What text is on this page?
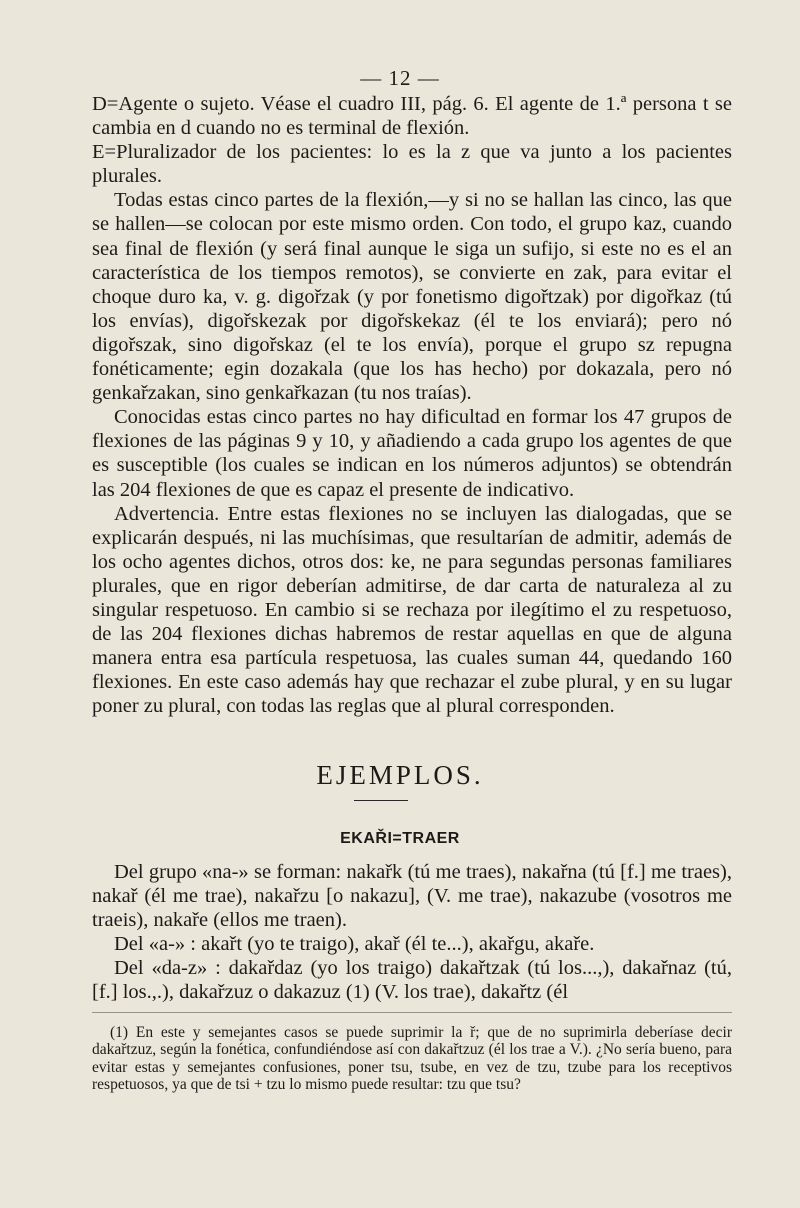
— 12 —

D=Agente o sujeto. Véase el cuadro III, pág. 6. El agente de 1.ª persona t se cambia en d cuando no es terminal de flexión.

E=Pluralizador de los pacientes: lo es la z que va junto a los pacientes plurales.

Todas estas cinco partes de la flexión,—y si no se hallan las cinco, las que se hallen—se colocan por este mismo orden. Con todo, el grupo kaz, cuando sea final de flexión (y será final aunque le siga un sufijo, si este no es el an característica de los tiempos remotos), se convierte en zak, para evitar el choque duro ka, v. g. digořzak (y por fonetismo digořtzak) por digořkaz (tú los envías), digořskezak por digořskekaz (él te los enviará); pero nó digořszak, sino digořskaz (el te los envía), porque el grupo sz repugna fonéticamente; egin dozakala (que los has hecho) por dokazala, pero nó genkařzakan, sino genkařkazan (tu nos traías).

Conocidas estas cinco partes no hay dificultad en formar los 47 grupos de flexiones de las páginas 9 y 10, y añadiendo a cada grupo los agentes de que es susceptible (los cuales se indican en los números adjuntos) se obtendrán las 204 flexiones de que es capaz el presente de indicativo.

Advertencia. Entre estas flexiones no se incluyen las dialogadas, que se explicarán después, ni las muchísimas, que resultarían de admitir, además de los ocho agentes dichos, otros dos: ke, ne para segundas personas familiares plurales, que en rigor deberían admitirse, de dar carta de naturaleza al zu singular respetuoso. En cambio si se rechaza por ilegítimo el zu respetuoso, de las 204 flexiones dichas habremos de restar aquellas en que de alguna manera entra esa partícula respetuosa, las cuales suman 44, quedando 160 flexiones. En este caso además hay que rechazar el zube plural, y en su lugar poner zu plural, con todas las reglas que al plural corresponden.

EJEMPLOS.
EKAŘI=TRAER

Del grupo «na-» se forman: nakařk (tú me traes), nakařna (tú [f.] me traes), nakař (él me trae), nakařzu [o nakazu], (V. me trae), nakazube (vosotros me traeis), nakaře (ellos me traen).

Del «a-» : akařt (yo te traigo), akař (él te...), akařgu, akaře.

Del «da-z» : dakařdaz (yo los traigo) dakařtzak (tú los...,), dakařnaz (tú, [f.] los.,.), dakařzuz o dakazuz (1) (V. los trae), dakařtz (él

(1) En este y semejantes casos se puede suprimir la ř; que de no suprimirla deberíase decir dakařtzuz, según la fonética, confundiéndose así con dakařtzuz (él los trae a V.). ¿No sería bueno, para evitar estas y semejantes confusiones, poner tsu, tsube, en vez de tzu, tzube para los receptivos respetuosos, ya que de tsi + tzu lo mismo puede resultar: tzu que tsu?
